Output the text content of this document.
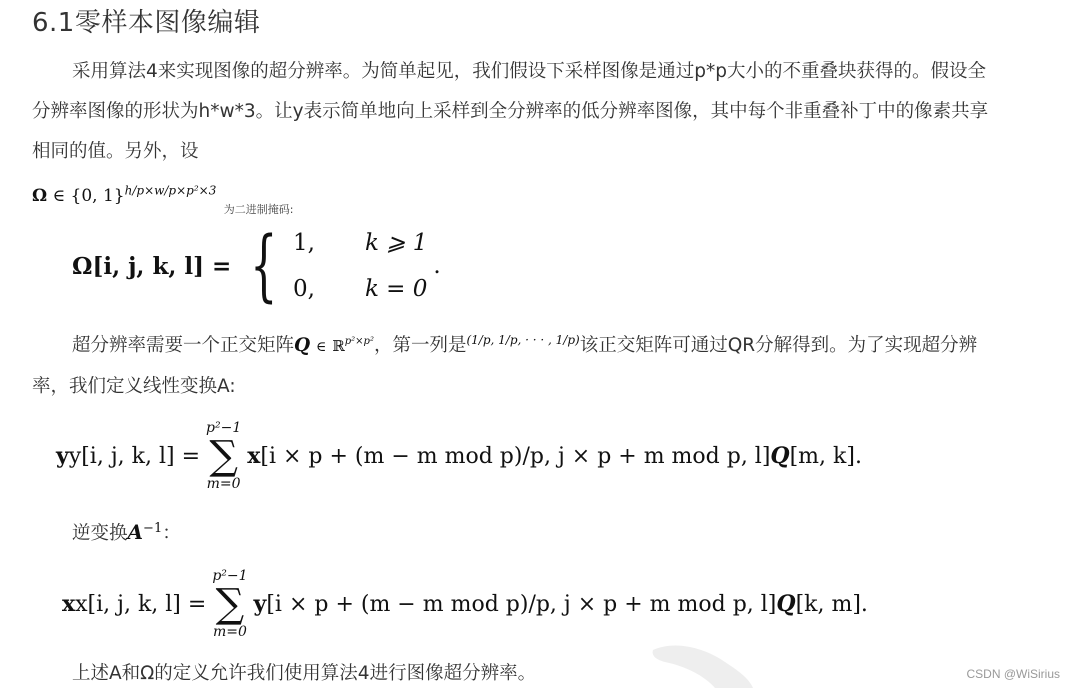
6.1零样本图像编辑

采用算法4来实现图像的超分辨率。为简单起见，我们假设下采样图像是通过p*p大小的不重叠块获得的。假设全
分辨率图像的形状为h*w*3。让y表示简单地向上采样到全分辨率的低分辨率图像，其中每个非重叠补丁中的像素共享
相同的值。另外，设

Ω ∈ {0, 1}$^{h/p\times w/p\times p^2\times 3}$ $_{为二进制掩码:}$
Ω[i, j, k, l] = { 1,	k ⩾ 1
0,	k = 0
.

超分辨率需要一个正交矩阵Q ∈ ℝ$^{p^2\times p^2}$，第一列是$^{(1/p, 1/p, \cdot \cdot \cdot , 1/p)}$该正交矩阵可通过QR分解得到。为了实现超分辨
率，我们定义线性变换A:

yy[i, j, k, l] =
p²−1
∑
m=0
x [i × p + (m − m mod p)/p, j × p + m mod p, l] Q [m, k].
逆变换$A^{-1}$：
xx[i, j, k, l] =
p²−1
∑
m=0
y [i × p + (m − m mod p)/p, j × p + m mod p, l] Q [k, m].

上述A和Ω的定义允许我们使用算法4进行图像超分辨率。	CSDN @WiSirius
